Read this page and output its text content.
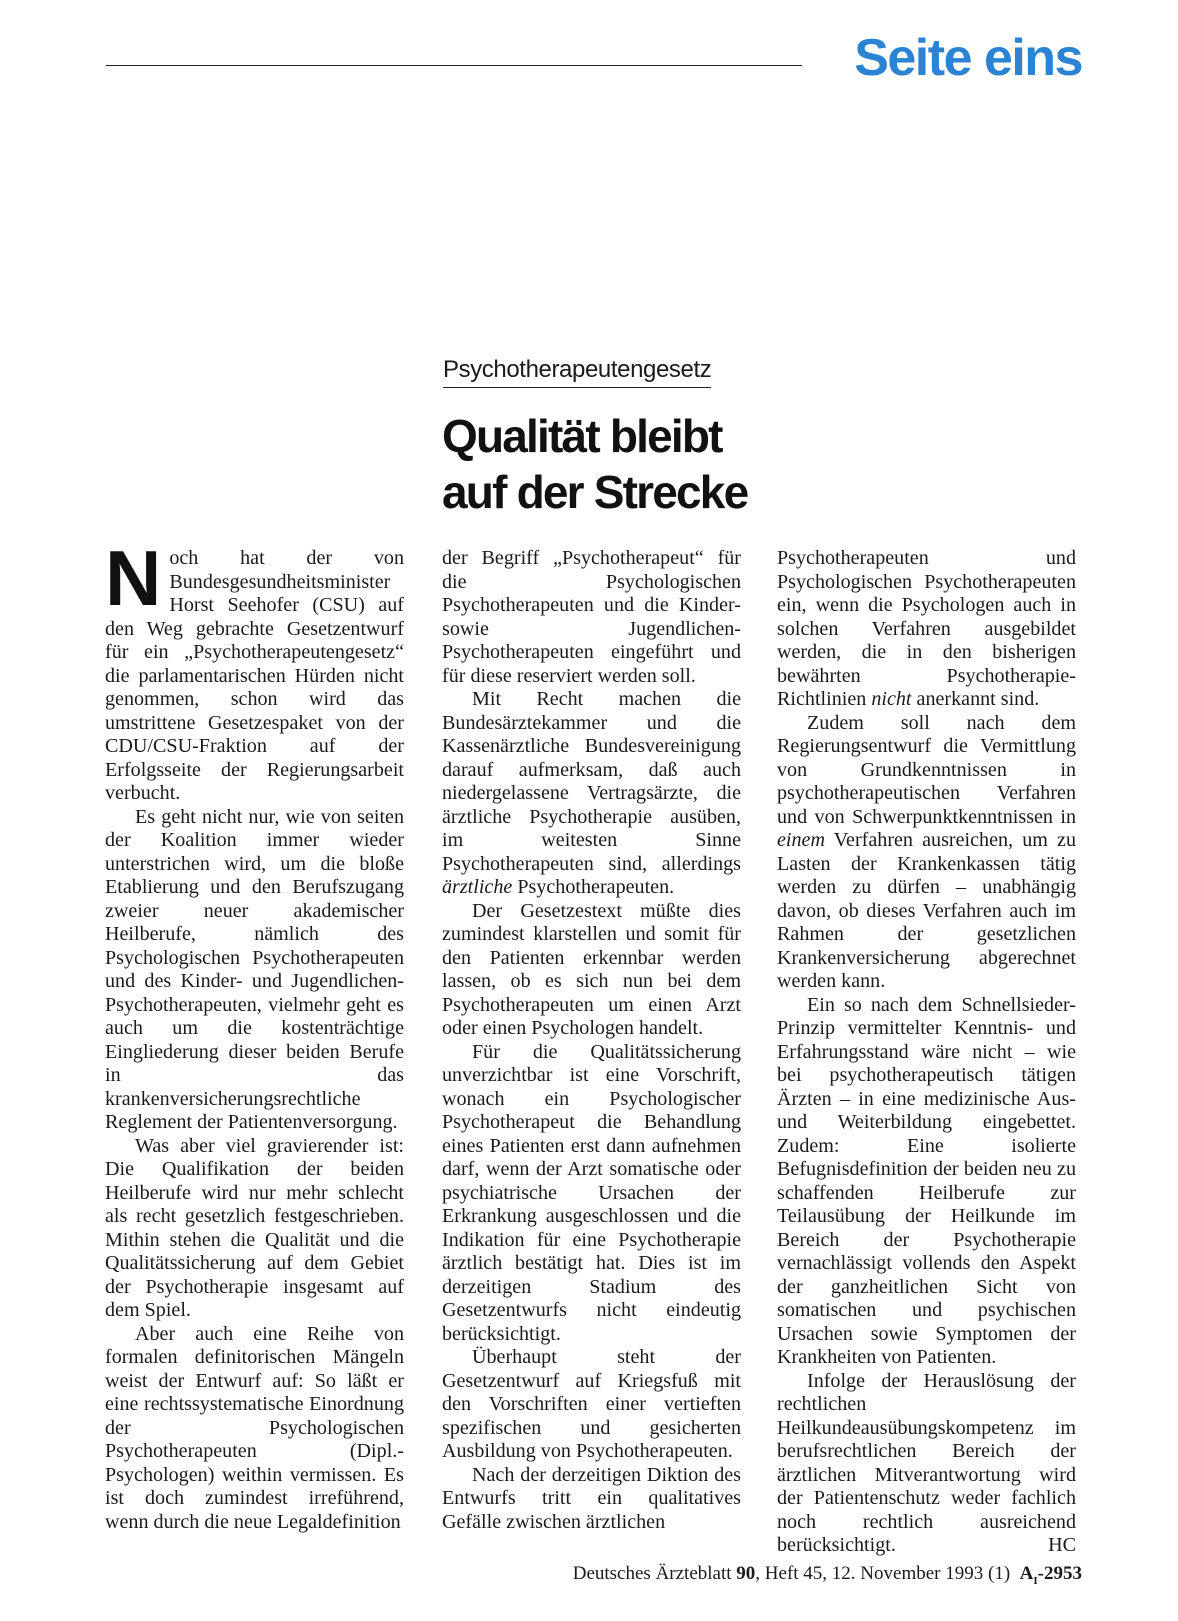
Seite eins
Psychotherapeutengesetz
Qualität bleibt
auf der Strecke

Noch hat der von Bundesgesundheitsminister Horst Seehofer (CSU) auf den Weg gebrachte Gesetzentwurf für ein „Psychotherapeutengesetz“ die parlamentarischen Hürden nicht genommen, schon wird das umstrittene Gesetzespaket von der CDU/CSU-Fraktion auf der Erfolgsseite der Regierungsarbeit verbucht.

Es geht nicht nur, wie von seiten der Koalition immer wieder unterstrichen wird, um die bloße Etablierung und den Berufszugang zweier neuer akademischer Heilberufe, nämlich des Psychologischen Psychotherapeuten und des Kinder- und Jugendlichen-Psychotherapeuten, vielmehr geht es auch um die kostenträchtige Eingliederung dieser beiden Berufe in das krankenversicherungsrechtliche Reglement der Patientenversorgung.

Was aber viel gravierender ist: Die Qualifikation der beiden Heilberufe wird nur mehr schlecht als recht gesetzlich festgeschrieben. Mithin stehen die Qualität und die Qualitätssicherung auf dem Gebiet der Psychotherapie insgesamt auf dem Spiel.

Aber auch eine Reihe von formalen definitorischen Mängeln weist der Entwurf auf: So läßt er eine rechtssystematische Einordnung der Psychologischen Psychotherapeuten (Dipl.-Psychologen) weithin vermissen. Es ist doch zumindest irreführend, wenn durch die neue Legaldefinition

der Begriff „Psychotherapeut“ für die Psychologischen Psychotherapeuten und die Kinder- sowie Jugendlichen-Psychotherapeuten eingeführt und für diese reserviert werden soll.

Mit Recht machen die Bundesärztekammer und die Kassenärztliche Bundesvereinigung darauf aufmerksam, daß auch niedergelassene Vertragsärzte, die ärztliche Psychotherapie ausüben, im weitesten Sinne Psychotherapeuten sind, allerdings ärztliche Psychotherapeuten.

Der Gesetzestext müßte dies zumindest klarstellen und somit für den Patienten erkennbar werden lassen, ob es sich nun bei dem Psychotherapeuten um einen Arzt oder einen Psychologen handelt.

Für die Qualitätssicherung unverzichtbar ist eine Vorschrift, wonach ein Psychologischer Psychotherapeut die Behandlung eines Patienten erst dann aufnehmen darf, wenn der Arzt somatische oder psychiatrische Ursachen der Erkrankung ausgeschlossen und die Indikation für eine Psychotherapie ärztlich bestätigt hat. Dies ist im derzeitigen Stadium des Gesetzentwurfs nicht eindeutig berücksichtigt.

Überhaupt steht der Gesetzentwurf auf Kriegsfuß mit den Vorschriften einer vertieften spezifischen und gesicherten Ausbildung von Psychotherapeuten.

Nach der derzeitigen Diktion des Entwurfs tritt ein qualitatives Gefälle zwischen ärztlichen

Psychotherapeuten und Psychologischen Psychotherapeuten ein, wenn die Psychologen auch in solchen Verfahren ausgebildet werden, die in den bisherigen bewährten Psychotherapie-Richtlinien nicht anerkannt sind.

Zudem soll nach dem Regierungsentwurf die Vermittlung von Grundkenntnissen in psychotherapeutischen Verfahren und von Schwerpunktkenntnissen in einem Verfahren ausreichen, um zu Lasten der Krankenkassen tätig werden zu dürfen – unabhängig davon, ob dieses Verfahren auch im Rahmen der gesetzlichen Krankenversicherung abgerechnet werden kann.

Ein so nach dem Schnellsieder-Prinzip vermittelter Kenntnis- und Erfahrungsstand wäre nicht – wie bei psychotherapeutisch tätigen Ärzten – in eine medizinische Aus- und Weiterbildung eingebettet. Zudem: Eine isolierte Befugnisdefinition der beiden neu zu schaffenden Heilberufe zur Teilausübung der Heilkunde im Bereich der Psychotherapie vernachlässigt vollends den Aspekt der ganzheitlichen Sicht von somatischen und psychischen Ursachen sowie Symptomen der Krankheiten von Patienten.

Infolge der Herauslösung der rechtlichen Heilkundeausübungskompetenz im berufsrechtlichen Bereich der ärztlichen Mitverantwortung wird der Patientenschutz weder fachlich noch rechtlich ausreichend berücksichtigt.	HC

Deutsches Ärzteblatt 90, Heft 45, 12. November 1993 (1) $A_I-2953$
